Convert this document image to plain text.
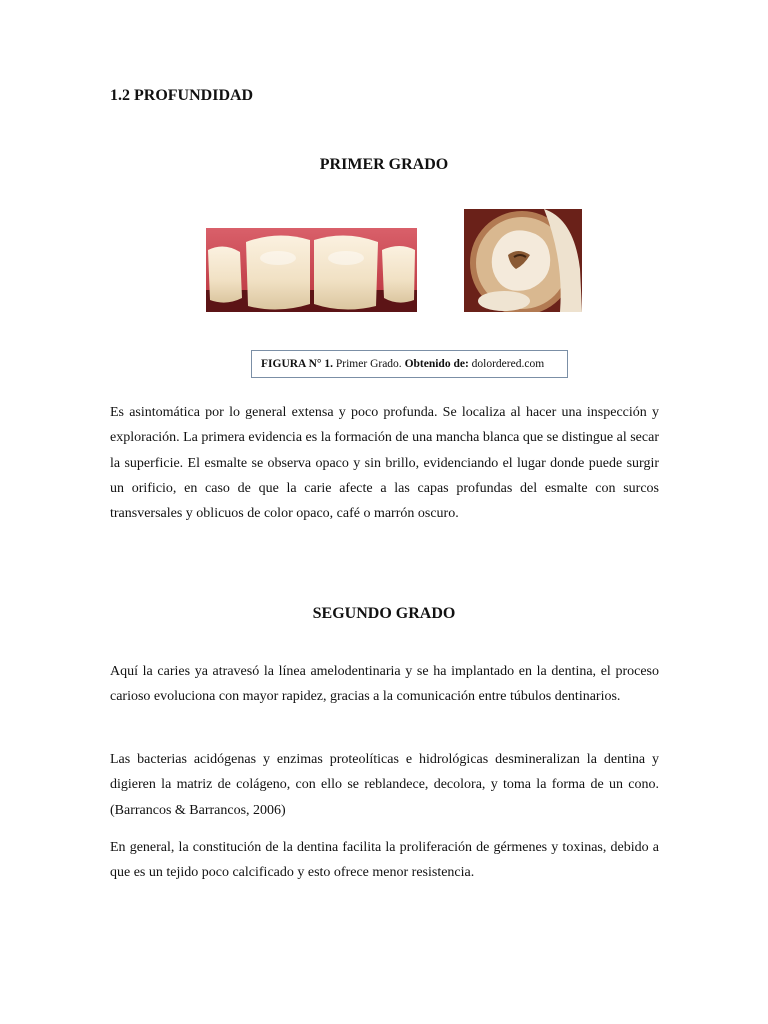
1.2 PROFUNDIDAD
PRIMER GRADO
FIGURA N° 1. Primer Grado. Obtenido de: dolordered.com

Es asintomática por lo general extensa y poco profunda. Se localiza al hacer una inspección y exploración. La primera evidencia es la formación de una mancha blanca que se distingue al secar la superficie. El esmalte se observa opaco y sin brillo, evidenciando el lugar donde puede surgir un orificio, en caso de que la carie afecte a las capas profundas del esmalte con surcos transversales y oblicuos de color opaco, café o marrón oscuro.

SEGUNDO GRADO

Aquí la caries ya atravesó la línea amelodentinaria y se ha implantado en la dentina, el proceso carioso evoluciona con mayor rapidez, gracias a la comunicación entre túbulos dentinarios.

Las bacterias acidógenas y enzimas proteolíticas e hidrológicas desmineralizan la dentina y digieren la matriz de colágeno, con ello se reblandece, decolora, y toma la forma de un cono. (Barrancos & Barrancos, 2006)

En general, la constitución de la dentina facilita la proliferación de gérmenes y toxinas, debido a que es un tejido poco calcificado y esto ofrece menor resistencia.
